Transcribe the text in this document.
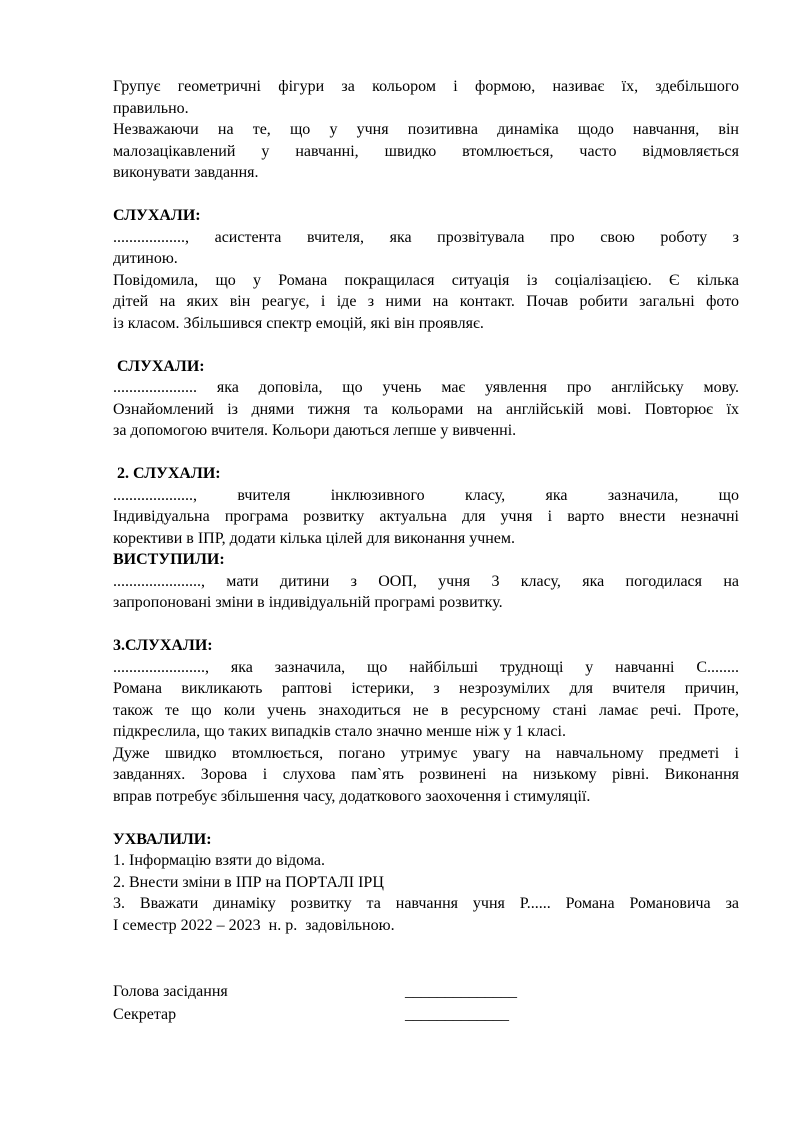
Групує геометричні фігури за кольором і формою, називає їх, здебільшого
правильно.
Незважаючи на те, що у учня позитивна динаміка щодо навчання, він
малозацікавлений у навчанні, швидко втомлюється, часто відмовляється
виконувати завдання.

СЛУХАЛИ:
.................., асистента вчителя, яка прозвітувала про свою роботу з
дитиною.
Повідомила, що у Романа покращилася ситуація із соціалізацією. Є кілька
дітей на яких він реагує, і іде з ними на контакт. Почав робити загальні фото
із класом. Збільшився спектр емоцій, які він проявляє.

СЛУХАЛИ:
..................... яка доповіла, що учень має уявлення про англійську мову.
Ознайомлений із днями тижня та кольорами на англійській мові. Повторює їх
за допомогою вчителя. Кольори даються лепше у вивченні.

2. СЛУХАЛИ:
...................., вчителя інклюзивного класу, яка зазначила, що
Індивідуальна програма розвитку актуальна для учня і варто внести незначні
корективи в ІПР, додати кілька цілей для виконання учнем.
ВИСТУПИЛИ:
......................, мати дитини з ООП, учня 3 класу, яка погодилася на
запропоновані зміни в індивідуальній програмі розвитку.

3.СЛУХАЛИ:
......................., яка зазначила, що найбільші труднощі у навчанні С........
Романа викликають раптові істерики, з незрозумілих для вчителя причин,
також те що коли учень знаходиться не в ресурсному стані ламає речі. Проте,
підкреслила, що таких випадків стало значно менше ніж у 1 класі.
Дуже швидко втомлюється, погано утримує увагу на навчальному предметі і
завданнях. Зорова і слухова пам`ять розвинені на низькому рівні. Виконання
вправ потребує збільшення часу, додаткового заохочення і стимуляції.

УХВАЛИЛИ:
1. Інформацію взяти до відома.
2. Внести зміни в ІПР на ПОРТАЛІ ІРЦ
3. Вважати динаміку розвитку та навчання учня Р...... Романа Романовича за
І семестр 2022 – 2023  н. р.  задовільною.

Голова засідання	______________
Секретар	_____________
